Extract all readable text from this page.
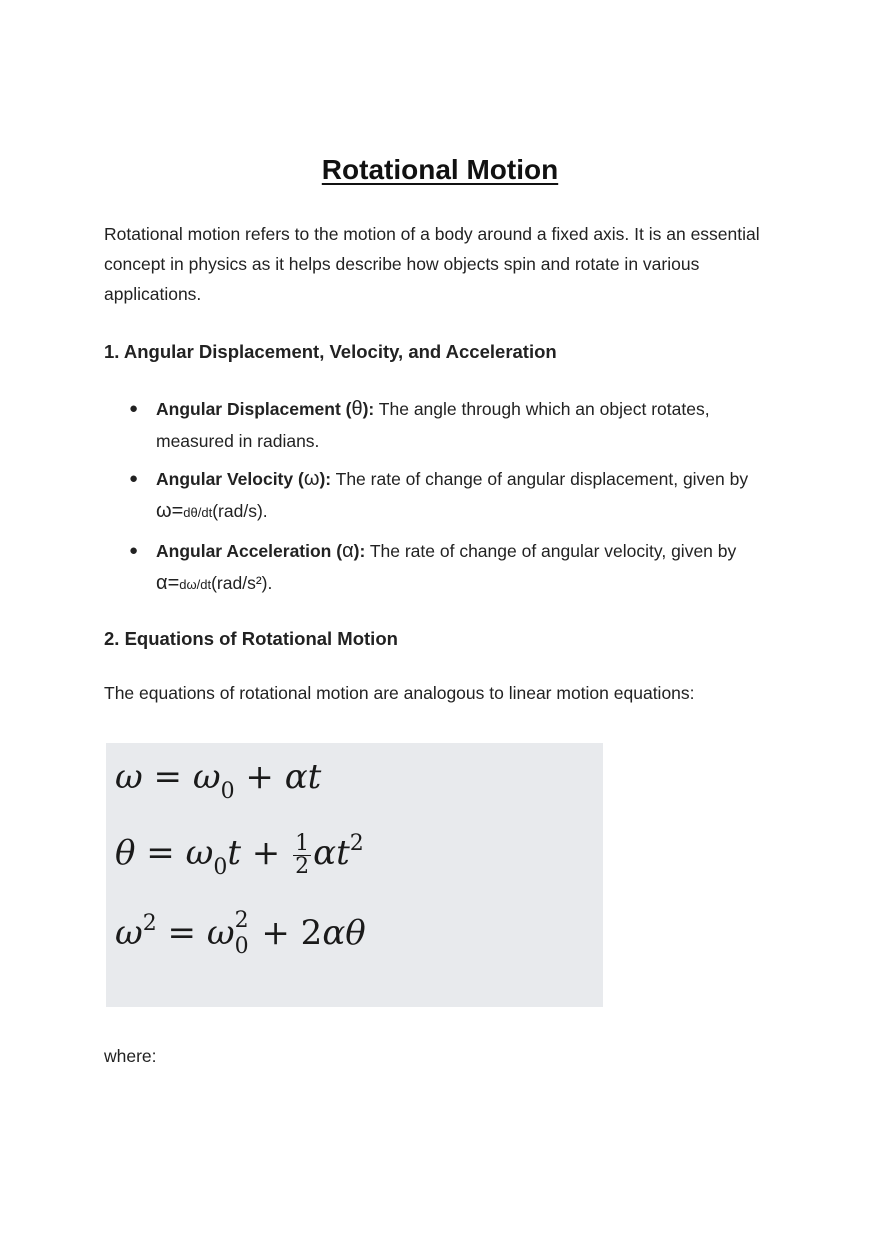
Rotational Motion

Rotational motion refers to the motion of a body around a fixed axis. It is an essential concept in physics as it helps describe how objects spin and rotate in various applications.

1. Angular Displacement, Velocity, and Acceleration
● Angular Displacement (θ): The angle through which an object rotates, measured in radians.
● Angular Velocity (ω): The rate of change of angular displacement, given by
ω=dθ/dt(rad/s).
● Angular Acceleration (α): The rate of change of angular velocity, given by
α=dω/dt(rad/s²).
2. Equations of Rotational Motion

The equations of rotational motion are analogous to linear motion equations:

$\omega = \omega_0 + \alpha t$
$\theta = \omega_0t + \frac{1}{2} \alpha t^2$
$\omega^2 = \omega$ 2
0 + 2αθ

where:
